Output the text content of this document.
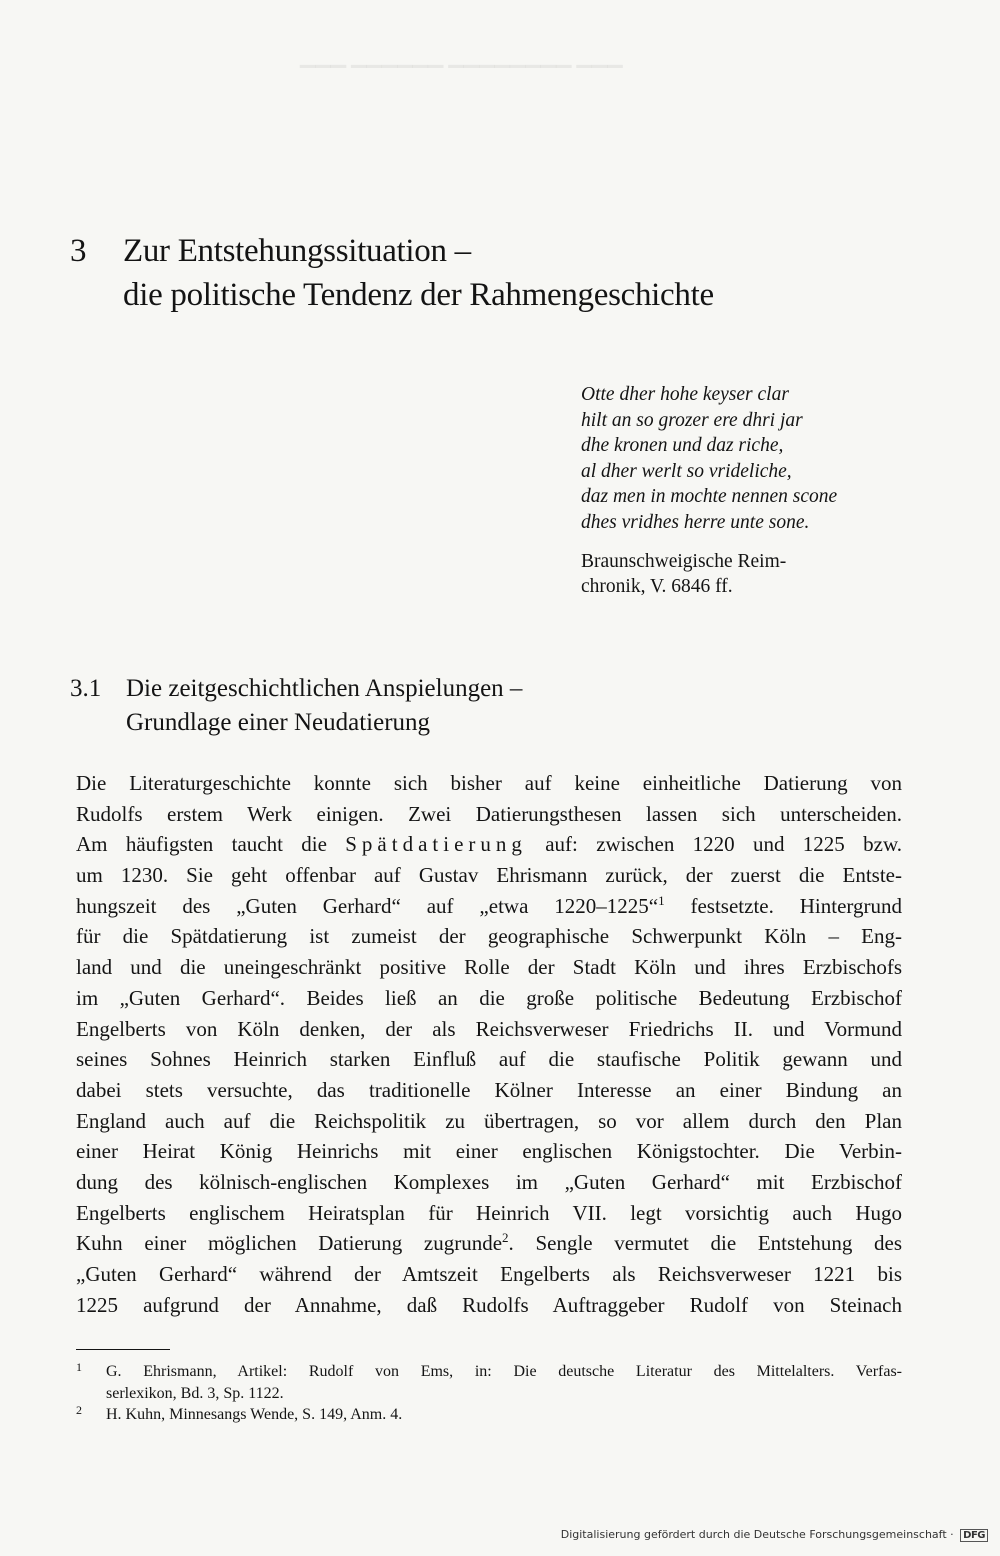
▁▁▁ ▁▁▁▁▁▁ ▁▁▁▁▁▁▁▁ ▁▁▁
3 Zur Entstehungssituation –
die politische Tendenz der Rahmengeschichte
Otte dher hohe keyser clar
hilt an so grozer ere dhri jar
dhe kronen und daz riche,
al dher werlt so vrideliche,
daz men in mochte nennen scone
dhes vridhes herre unte sone.
Braunschweigische Reim-
chronik, V. 6846 ff.
3.1 Die zeitgeschichtlichen Anspielungen –
Grundlage einer Neudatierung
Die Literaturgeschichte konnte sich bisher auf keine einheitliche Datierung von
Rudolfs erstem Werk einigen. Zwei Datierungsthesen lassen sich unterscheiden.
Am häufigsten taucht die Spätdatierung auf: zwischen 1220 und 1225 bzw.
um 1230. Sie geht offenbar auf Gustav Ehrismann zurück, der zuerst die Entste-
hungszeit des „Guten Gerhard“ auf „etwa 1220–1225“$^1$ festsetzte. Hintergrund
für die Spätdatierung ist zumeist der geographische Schwerpunkt Köln – Eng-
land und die uneingeschränkt positive Rolle der Stadt Köln und ihres Erzbischofs
im „Guten Gerhard“. Beides ließ an die große politische Bedeutung Erzbischof
Engelberts von Köln denken, der als Reichsverweser Friedrichs II. und Vormund
seines Sohnes Heinrich starken Einfluß auf die staufische Politik gewann und
dabei stets versuchte, das traditionelle Kölner Interesse an einer Bindung an
England auch auf die Reichspolitik zu übertragen, so vor allem durch den Plan
einer Heirat König Heinrichs mit einer englischen Königstochter. Die Verbin-
dung des kölnisch-englischen Komplexes im „Guten Gerhard“ mit Erzbischof
Engelberts englischem Heiratsplan für Heinrich VII. legt vorsichtig auch Hugo
Kuhn einer möglichen Datierung zugrunde$^2$. Sengle vermutet die Entstehung des
„Guten Gerhard“ während der Amtszeit Engelberts als Reichsverweser 1221 bis
1225 aufgrund der Annahme, daß Rudolfs Auftraggeber Rudolf von Steinach
1 G. Ehrismann, Artikel: Rudolf von Ems, in: Die deutsche Literatur des Mittelalters. Verfas-
serlexikon, Bd. 3, Sp. 1122.
2 H. Kuhn, Minnesangs Wende, S. 149, Anm. 4.
Digitalisierung gefördert durch die Deutsche Forschungsgemeinschaft · DFG
